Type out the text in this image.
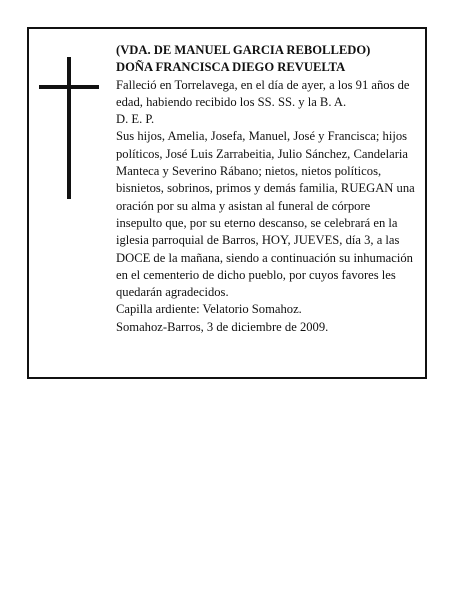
(VDA. DE MANUEL GARCIA REBOLLEDO)

DOÑA FRANCISCA DIEGO REVUELTA

Falleció en Torrelavega, en el día de ayer, a los 91 años de edad, habiendo recibido los SS. SS. y la B. A.

D. E. P.

Sus hijos, Amelia, Josefa, Manuel, José y Francisca; hijos políticos, José Luis Zarrabeitia, Julio Sánchez, Candelaria Manteca y Severino Rábano; nietos, nietos políticos, bisnietos, sobrinos, primos y demás familia, RUEGAN una oración por su alma y asistan al funeral de córpore insepulto que, por su eterno descanso, se celebrará en la iglesia parroquial de Barros, HOY, JUEVES, día 3, a las DOCE de la mañana, siendo a continuación su inhumación en el cementerio de dicho pueblo, por cuyos favores les quedarán agradecidos.

Capilla ardiente: Velatorio Somahoz.

Somahoz-Barros, 3 de diciembre de 2009.
